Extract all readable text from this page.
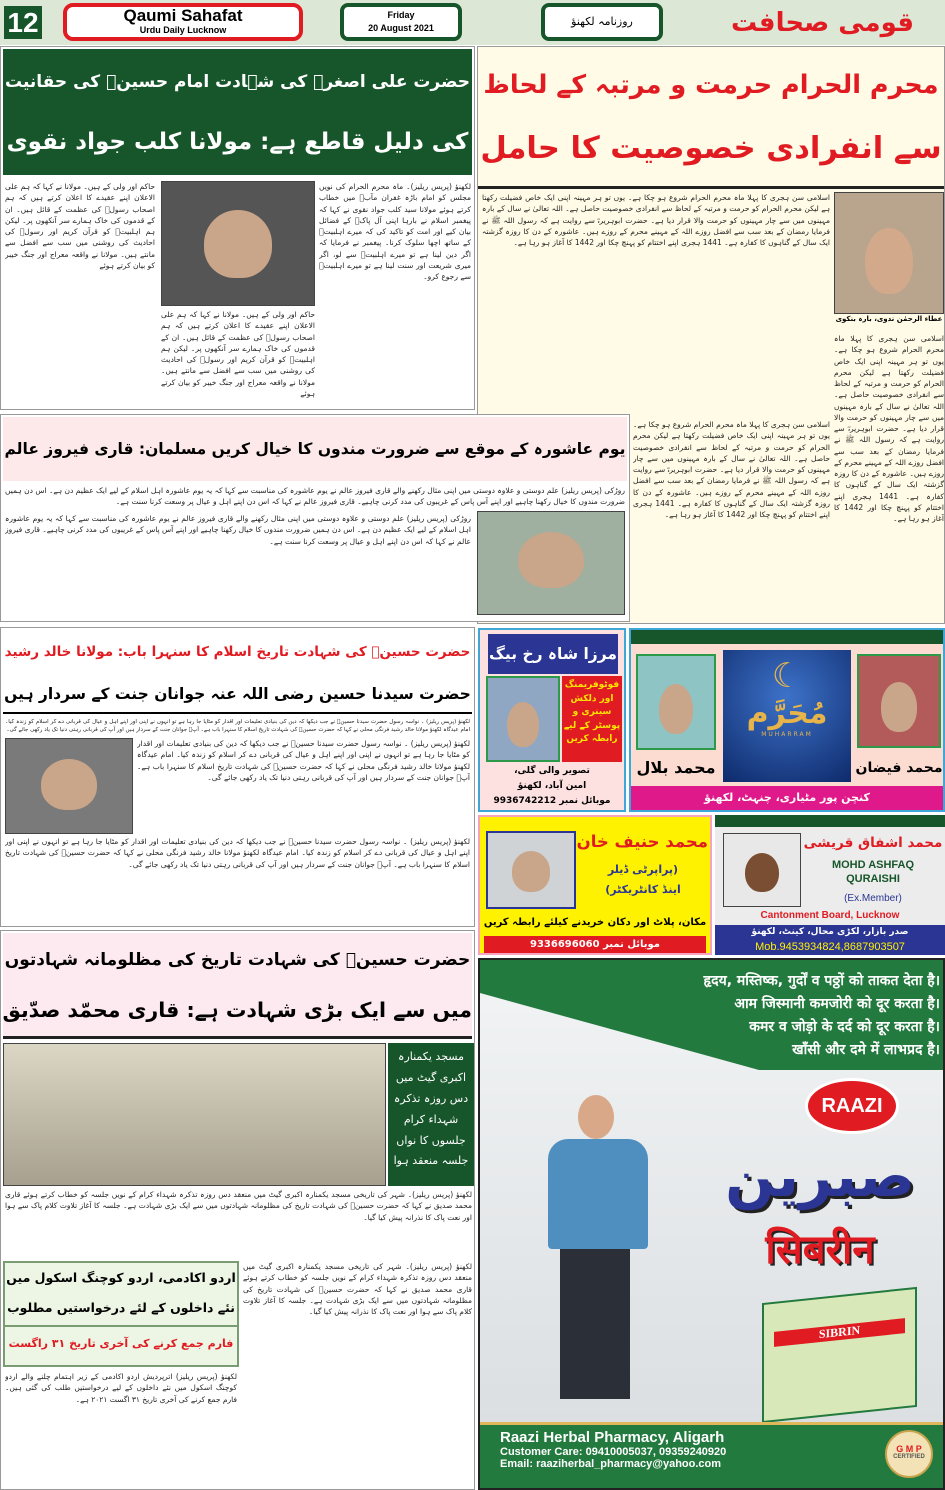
12	Qaumi Sahafat
Urdu Daily Lucknow
Friday
20 August 2021	روزنامہ لکھنؤ	قومی صحافت
حضرت علی اصغرؑ کی شہادت امام حسینؑ کی حقانیت
کی دلیل قاطع ہے: مولانا کلب جواد نقوی
لکھنؤ (پریس ریلیز)۔ ماہ محرم الحرام کی نویں مجلس کو امام باڑہ غفران مآبؒ میں خطاب کرتے ہوئے مولانا سید کلب جواد نقوی نے کہا کہ پیغمبر اسلام نے بارہا اپنی آل پاکؑ کے فضائل بیان کیے اور امت کو تاکید کی کہ میرے اہلبیتؑ کے ساتھ اچھا سلوک کرنا۔ پیغمبر نے فرمایا کہ اگر دین لینا ہے تو میرے اہلبیتؑ سے لو، اگر میری شریعت اور سنت لینا ہے تو میرے اہلبیتؑ سے رجوع کرو۔
حاکم اور ولی کے ہیں۔ مولانا نے کہا کہ ہم علی الاعلان اپنے عقیدے کا اعلان کرتے ہیں کہ ہم اصحاب رسولؐ کی عظمت کے قائل ہیں۔ ان کے قدموں کی خاک ہمارے سر آنکھوں پر۔ لیکن ہم اہلبیتؑ کو قرآن کریم اور رسولؐ کی احادیث کی روشنی میں سب سے افضل سے مانتے ہیں۔ مولانا نے واقعہ معراج اور جنگ خیبر کو بیان کرتے ہوئے
حاکم اور ولی کے ہیں۔ مولانا نے کہا کہ ہم علی الاعلان اپنے عقیدے کا اعلان کرتے ہیں کہ ہم اصحاب رسولؐ کی عظمت کے قائل ہیں۔ ان کے قدموں کی خاک ہمارے سر آنکھوں پر۔ لیکن ہم اہلبیتؑ کو قرآن کریم اور رسولؐ کی احادیث کی روشنی میں سب سے افضل سے مانتے ہیں۔ مولانا نے واقعہ معراج اور جنگ خیبر کو بیان کرتے ہوئے
محرم الحرام حرمت و مرتبہ کے لحاظ
سے انفرادی خصوصیت کا حامل
عطاء الرحمٰن ندوی، بارہ بنکوی
اسلامی سن ہجری کا پہلا ماہ محرم الحرام شروع ہو چکا ہے۔ یوں تو ہر مہینہ اپنی ایک خاص فضیلت رکھتا ہے لیکن محرم الحرام کو حرمت و مرتبہ کے لحاظ سے انفرادی خصوصیت حاصل ہے۔ اللہ تعالیٰ نے سال کے بارہ مہینوں میں سے چار مہینوں کو حرمت والا قرار دیا ہے۔ حضرت ابوہریرہؓ سے روایت ہے کہ رسول اللہ ﷺ نے فرمایا رمضان کے بعد سب سے افضل روزے اللہ کے مہینے محرم کے روزے ہیں۔ عاشورہ کے دن کا روزہ گزشتہ ایک سال کے گناہوں کا کفارہ ہے۔ 1441 ہجری اپنے اختتام کو پہنچ چکا اور 1442 کا آغاز ہو رہا ہے۔
اسلامی سن ہجری کا پہلا ماہ محرم الحرام شروع ہو چکا ہے۔ یوں تو ہر مہینہ اپنی ایک خاص فضیلت رکھتا ہے لیکن محرم الحرام کو حرمت و مرتبہ کے لحاظ سے انفرادی خصوصیت حاصل ہے۔ اللہ تعالیٰ نے سال کے بارہ مہینوں میں سے چار مہینوں کو حرمت والا قرار دیا ہے۔ حضرت ابوہریرہؓ سے روایت ہے کہ رسول اللہ ﷺ نے فرمایا رمضان کے بعد سب سے افضل روزے اللہ کے مہینے محرم کے روزے ہیں۔ عاشورہ کے دن کا روزہ گزشتہ ایک سال کے گناہوں کا کفارہ ہے۔ 1441 ہجری اپنے اختتام کو پہنچ چکا اور 1442 کا آغاز ہو رہا ہے۔
اسلامی سن ہجری کا پہلا ماہ محرم الحرام شروع ہو چکا ہے۔ یوں تو ہر مہینہ اپنی ایک خاص فضیلت رکھتا ہے لیکن محرم الحرام کو حرمت و مرتبہ کے لحاظ سے انفرادی خصوصیت حاصل ہے۔ اللہ تعالیٰ نے سال کے بارہ مہینوں میں سے چار مہینوں کو حرمت والا قرار دیا ہے۔ حضرت ابوہریرہؓ سے روایت ہے کہ رسول اللہ ﷺ نے فرمایا رمضان کے بعد سب سے افضل روزے اللہ کے مہینے محرم کے روزے ہیں۔ عاشورہ کے دن کا روزہ گزشتہ ایک سال کے گناہوں کا کفارہ ہے۔ 1441 ہجری اپنے اختتام کو پہنچ چکا اور 1442 کا آغاز ہو رہا ہے۔
یوم عاشورہ کے موقع سے ضرورت مندوں کا خیال کریں مسلمان: قاری فیروز عالم
روڑکی (پریس ریلیز) علم دوستی و علاوہ دوستی میں اپنی مثال رکھنے والے قاری فیروز عالم نے یوم عاشورہ کی مناسبت سے کہا کہ یہ یوم عاشورہ اہل اسلام کے لیے ایک عظیم دن ہے۔ اس دن ہمیں ضرورت مندوں کا خیال رکھنا چاہیے اور اپنے آس پاس کے غریبوں کی مدد کرنی چاہیے۔ قاری فیروز عالم نے کہا کہ اس دن اپنے اہل و عیال پر وسعت کرنا سنت ہے۔
روڑکی (پریس ریلیز) علم دوستی و علاوہ دوستی میں اپنی مثال رکھنے والے قاری فیروز عالم نے یوم عاشورہ کی مناسبت سے کہا کہ یہ یوم عاشورہ اہل اسلام کے لیے ایک عظیم دن ہے۔ اس دن ہمیں ضرورت مندوں کا خیال رکھنا چاہیے اور اپنے آس پاس کے غریبوں کی مدد کرنی چاہیے۔ قاری فیروز عالم نے کہا کہ اس دن اپنے اہل و عیال پر وسعت کرنا سنت ہے۔
حضرت حسینؓ کی شہادت تاریخ اسلام کا سنہرا باب: مولانا خالد رشید
حضرت سیدنا حسین رضی اللہ عنہ جوانان جنت کے سردار ہیں
لکھنؤ (پریس ریلیز) ۔ نواسہ رسول حضرت سیدنا حسینؓ نے جب دیکھا کہ دین کی بنیادی تعلیمات اور اقدار کو مٹایا جا رہا ہے تو انہوں نے اپنی اور اپنے اہل و عیال کی قربانی دے کر اسلام کو زندہ کیا۔ امام عیدگاہ لکھنؤ مولانا خالد رشید فرنگی محلی نے کہا کہ حضرت حسینؓ کی شہادت تاریخ اسلام کا سنہرا باب ہے۔ آپؓ جوانان جنت کے سردار ہیں اور آپ کی قربانی رہتی دنیا تک یاد رکھی جائے گی۔
لکھنؤ (پریس ریلیز) ۔ نواسہ رسول حضرت سیدنا حسینؓ نے جب دیکھا کہ دین کی بنیادی تعلیمات اور اقدار کو مٹایا جا رہا ہے تو انہوں نے اپنی اور اپنے اہل و عیال کی قربانی دے کر اسلام کو زندہ کیا۔ امام عیدگاہ لکھنؤ مولانا خالد رشید فرنگی محلی نے کہا کہ حضرت حسینؓ کی شہادت تاریخ اسلام کا سنہرا باب ہے۔ آپؓ جوانان جنت کے سردار ہیں اور آپ کی قربانی رہتی دنیا تک یاد رکھی جائے گی۔
لکھنؤ (پریس ریلیز) ۔ نواسہ رسول حضرت سیدنا حسینؓ نے جب دیکھا کہ دین کی بنیادی تعلیمات اور اقدار کو مٹایا جا رہا ہے تو انہوں نے اپنی اور اپنے اہل و عیال کی قربانی دے کر اسلام کو زندہ کیا۔ امام عیدگاہ لکھنؤ مولانا خالد رشید فرنگی محلی نے کہا کہ حضرت حسینؓ کی شہادت تاریخ اسلام کا سنہرا باب ہے۔ آپؓ جوانان جنت کے سردار ہیں اور آپ کی قربانی رہتی دنیا تک یاد رکھی جائے گی۔
مرزا شاہ رخ بیگ
فوٹوفریمنگ اور دلکش سینری و پوسٹر کے لیے رابطہ کریں
تصویر والی گلی،
امین آباد، لکھنؤ
9936742212 موبائل نمبر
محمد بلال
☾
مُحَرَّم
MUHARRAM
محمد فیضان
کنچن پور مٹیاری، چنہٹ، لکھنؤ
محمد حنیف خان
(پراپرٹی ڈیلر
اینڈ کانٹریکٹر)
مکان، پلاٹ اور دکان خریدنے کیلئے رابطہ کریں
9336696060 موبائل نمبر
محمد اشفاق قریشی
MOHD ASHFAQ
QURAISHI
(Ex.Member)
Cantonment Board, Lucknow
صدر بازار، لکڑی محال، کینٹ، لکھنؤ
Mob.9453934824,8687903507
हृदय, मस्तिष्क, गुर्दों व पठ्ठों को ताकत देता है।
आम जिस्मानी कमजोरी को दूर करता है।
कमर व जोड़ो के दर्द को दूर करता है।
खाँसी और दमे में लाभप्रद है।
RAAZI
صبرین
सिबरीन
SIBRIN
Raazi Herbal Pharmacy, Aligarh
Customer Care: 09410005037, 09359240920
Email: raaziherbal_pharmacy@yahoo.com
G M P
CERTIFIED
حضرت حسینؓ کی شہادت تاریخ کی مظلومانہ شہادتوں
میں سے ایک بڑی شہادت ہے: قاری محمّد صدّیق
مسجد یکمنارہ اکبری گیٹ میں دس روزہ تذکرہ شہداء کرام جلسوں کا نواں جلسہ منعقد ہوا
لکھنؤ (پریس ریلیز)۔ شہر کی تاریخی مسجد یکمنارہ اکبری گیٹ میں منعقد دس روزہ تذکرہ شہداء کرام کے نویں جلسہ کو خطاب کرتے ہوئے قاری محمد صدیق نے کہا کہ حضرت حسینؓ کی شہادت تاریخ کی مظلومانہ شہادتوں میں سے ایک بڑی شہادت ہے۔ جلسہ کا آغاز تلاوت کلام پاک سے ہوا اور نعت پاک کا نذرانہ پیش کیا گیا۔
لکھنؤ (پریس ریلیز)۔ شہر کی تاریخی مسجد یکمنارہ اکبری گیٹ میں منعقد دس روزہ تذکرہ شہداء کرام کے نویں جلسہ کو خطاب کرتے ہوئے قاری محمد صدیق نے کہا کہ حضرت حسینؓ کی شہادت تاریخ کی مظلومانہ شہادتوں میں سے ایک بڑی شہادت ہے۔ جلسہ کا آغاز تلاوت کلام پاک سے ہوا اور نعت پاک کا نذرانہ پیش کیا گیا۔
اردو اکادمی، اردو کوچنگ اسکول میں
نئے داخلوں کے لئے درخواستیں مطلوب
فارم جمع کرنے کی آخری تاریخ ۳۱ راگست
لکھنؤ (پریس ریلیز) اترپردیش اردو اکادمی کے زیر اہتمام چلنے والے اردو کوچنگ اسکول میں نئے داخلوں کے لیے درخواستیں طلب کی گئی ہیں۔ فارم جمع کرنے کی آخری تاریخ ۳۱ اگست ۲۰۲۱ ہے۔
